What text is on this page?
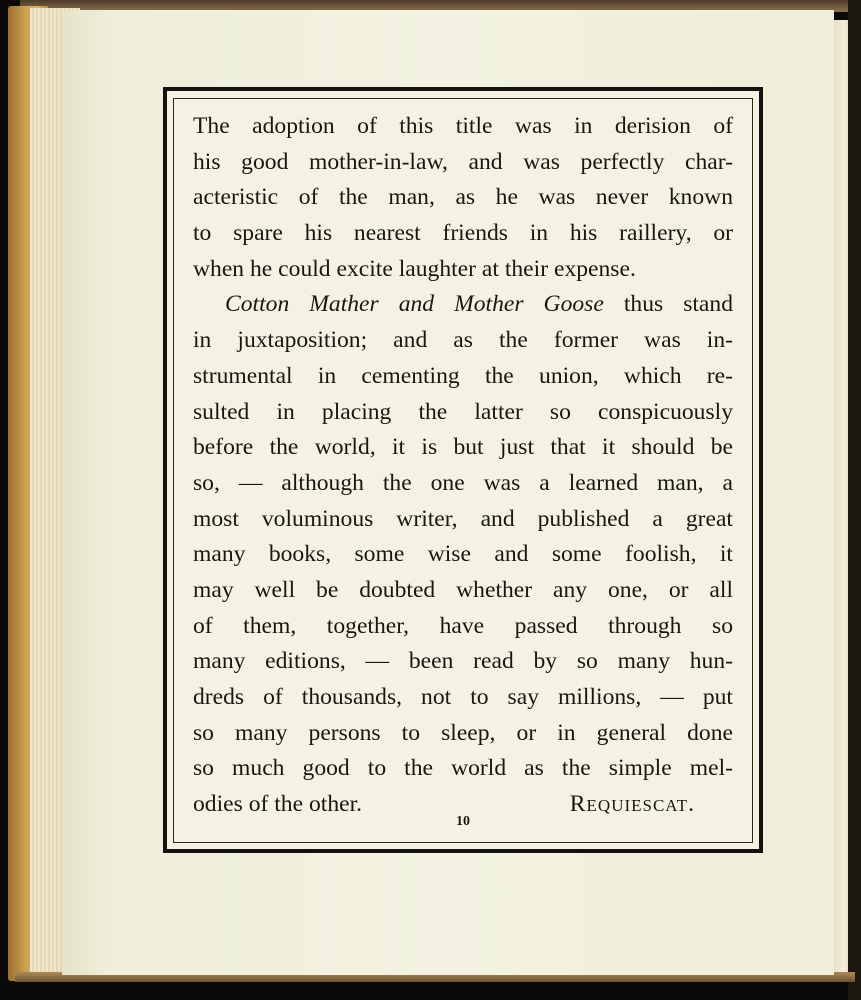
The adoption of this title was in derision of
his good mother-in-law, and was perfectly char-
acteristic of the man, as he was never known
to spare his nearest friends in his raillery, or
when he could excite laughter at their expense.
Cotton Mather and Mother Goose thus stand
in juxtaposition; and as the former was in-
strumental in cementing the union, which re-
sulted in placing the latter so conspicuously
before the world, it is but just that it should be
so, — although the one was a learned man, a
most voluminous writer, and published a great
many books, some wise and some foolish, it
may well be doubted whether any one, or all
of them, together, have passed through so
many editions, — been read by so many hun-
dreds of thousands, not to say millions, — put
so many persons to sleep, or in general done
so much good to the world as the simple mel-
odies of the other.	Requiescat.
10
